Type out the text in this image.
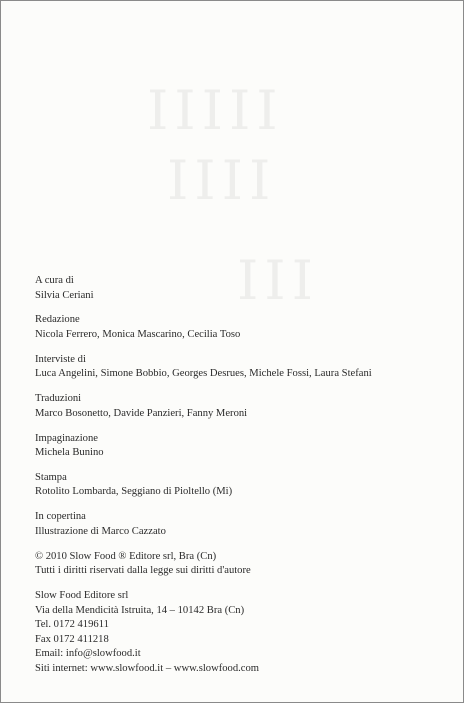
IIIII
IIII
III
A cura di
Silvia Ceriani
Redazione
Nicola Ferrero, Monica Mascarino, Cecilia Toso
Interviste di
Luca Angelini, Simone Bobbio, Georges Desrues, Michele Fossi, Laura Stefani
Traduzioni
Marco Bosonetto, Davide Panzieri, Fanny Meroni
Impaginazione
Michela Bunino
Stampa
Rotolito Lombarda, Seggiano di Pioltello (Mi)
In copertina
Illustrazione di Marco Cazzato
© 2010 Slow Food ® Editore srl, Bra (Cn)
Tutti i diritti riservati dalla legge sui diritti d'autore
Slow Food Editore srl
Via della Mendicità Istruita, 14 – 10142 Bra (Cn)
Tel. 0172 419611
Fax 0172 411218
Email: info@slowfood.it
Siti internet: www.slowfood.it – www.slowfood.com
